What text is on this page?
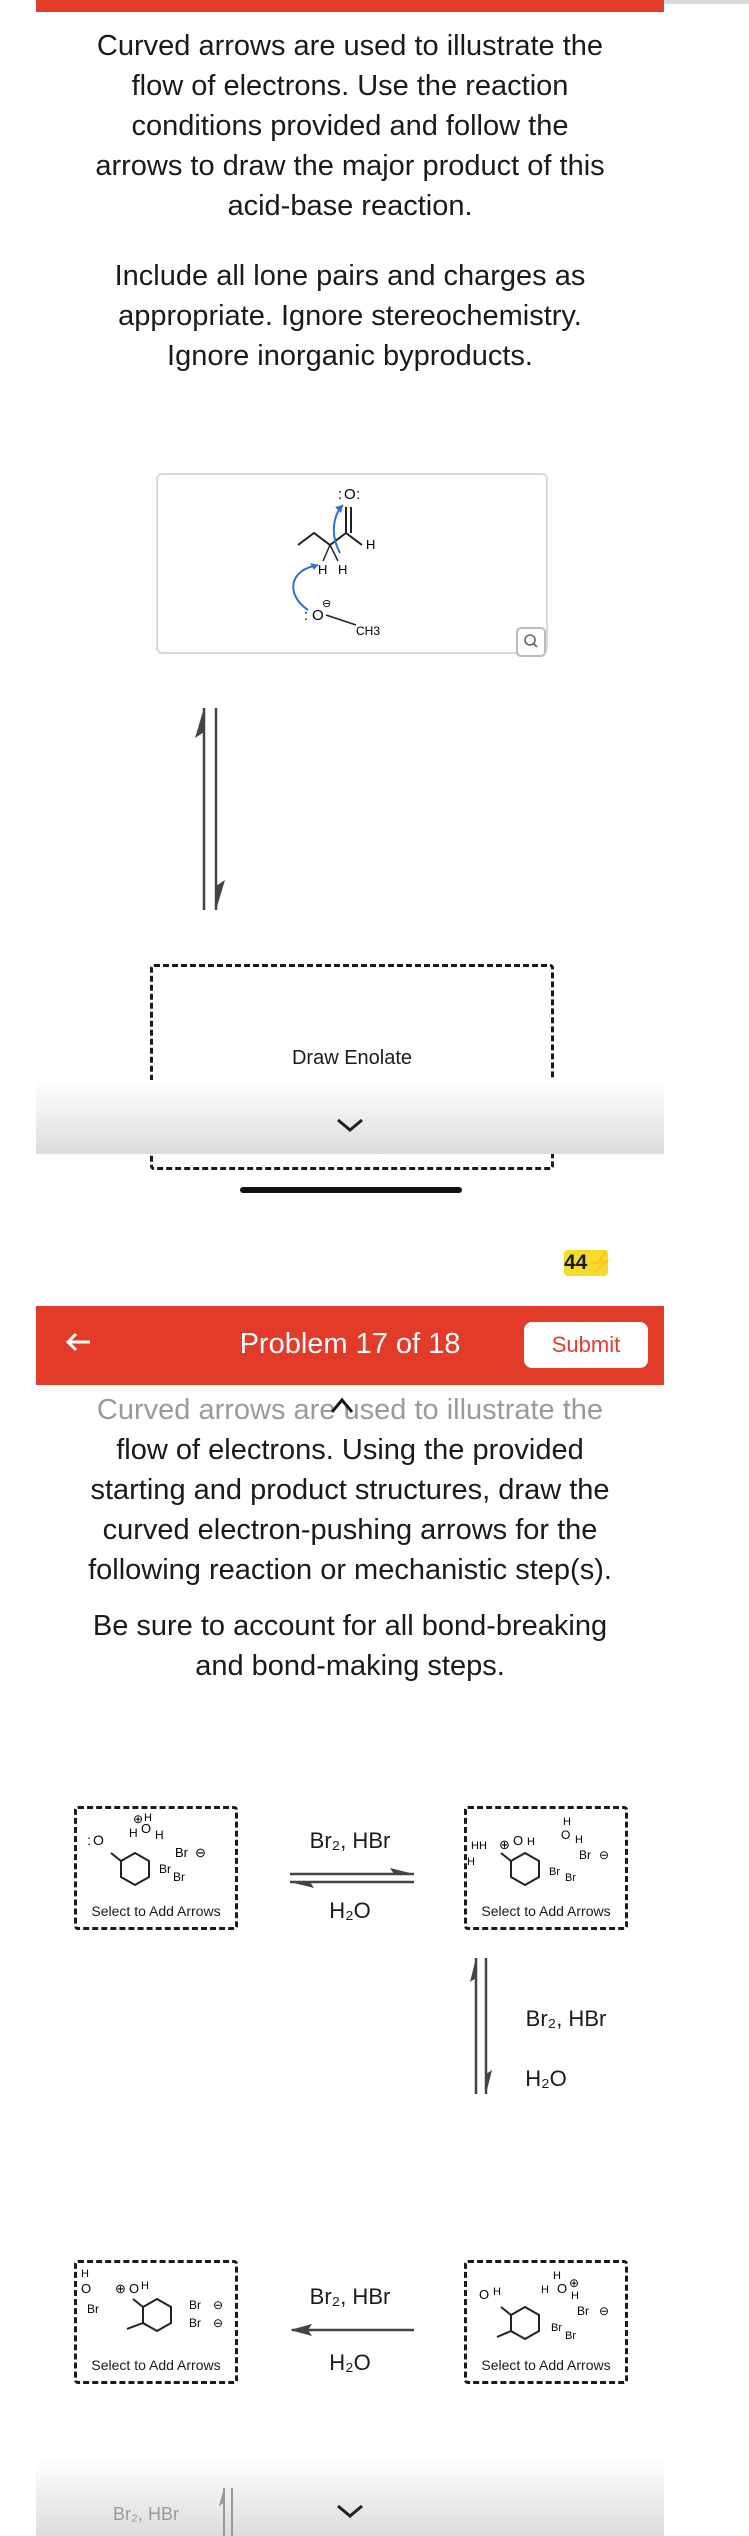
Curved arrows are used to illustrate the
flow of electrons. Use the reaction
conditions provided and follow the
arrows to draw the major product of this
acid-base reaction.
Include all lone pairs and charges as
appropriate. Ignore stereochemistry.
Ignore inorganic byproducts.
O
: :
H
H H
O
:
⊖
CH3
Draw Enolate
44⚡
Problem 17 of 18	Submit
Curved arrows are used to illustrate the
flow of electrons. Using the provided
starting and product structures, draw the
curved electron-pushing arrows for the
following reaction or mechanistic step(s).
Be sure to account for all bond-breaking
and bond-making steps.
: O H O
⊕ H
H
Br ⊖
Br
Br
Select to Add Arrows
Br₂, HBr
H₂O
H H
H
⊕ O H
H
O H
Br ⊖
Br Br
Select to Add Arrows
Br₂, HBr
H₂O
H
O
Br
⊕ O H
Br ⊖
Br ⊖
Select to Add Arrows
Br₂, HBr
H₂O
O H
H ⊕
O
H H
Br ⊖
Br
Br
Select to Add Arrows
Br₂, HBr
